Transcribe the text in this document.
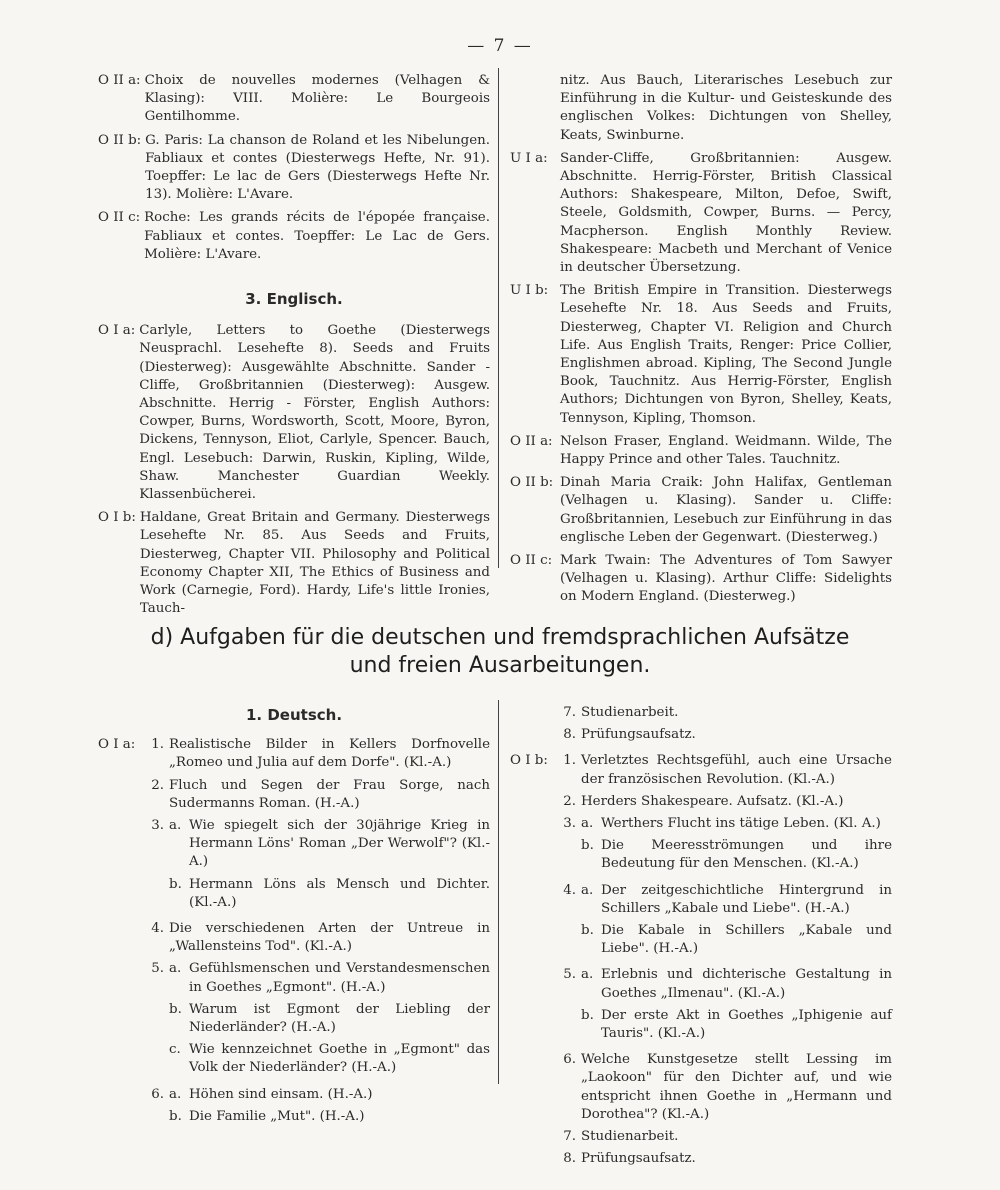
— 7 —
O II a: Choix de nouvelles modernes (Velhagen & Klasing): VIII. Molière: Le Bourgeois Gentilhomme.
O II b: G. Paris: La chanson de Roland et les Nibelungen. Fabliaux et contes (Diesterwegs Hefte, Nr. 91). Toepffer: Le lac de Gers (Diesterwegs Hefte Nr. 13). Molière: L'Avare.
O II c: Roche: Les grands récits de l'épopée française. Fabliaux et contes. Toepffer: Le Lac de Gers. Molière: L'Avare.
3. Englisch.
O I a: Carlyle, Letters to Goethe (Diesterwegs Neusprachl. Lesehefte 8). Seeds and Fruits (Diesterweg): Ausgewählte Abschnitte. Sander - Cliffe, Großbritannien (Diesterweg): Ausgew. Abschnitte. Herrig - Förster, English Authors: Cowper, Burns, Wordsworth, Scott, Moore, Byron, Dickens, Tennyson, Eliot, Carlyle, Spencer. Bauch, Engl. Lesebuch: Darwin, Ruskin, Kipling, Wilde, Shaw. Manchester Guardian Weekly. Klassenbücherei.
O I b: Haldane, Great Britain and Germany. Diesterwegs Lesehefte Nr. 85. Aus Seeds and Fruits, Diesterweg, Chapter VII. Philosophy and Political Economy Chapter XII, The Ethics of Business and Work (Carnegie, Ford). Hardy, Life's little Ironies, Tauch-
nitz. Aus Bauch, Literarisches Lesebuch zur Einführung in die Kultur- und Geisteskunde des englischen Volkes: Dichtungen von Shelley, Keats, Swinburne.
U I a: Sander-Cliffe, Großbritannien: Ausgew. Abschnitte. Herrig-Förster, British Classical Authors: Shakespeare, Milton, Defoe, Swift, Steele, Goldsmith, Cowper, Burns. — Percy, Macpherson. English Monthly Review. Shakespeare: Macbeth und Merchant of Venice in deutscher Übersetzung.
U I b: The British Empire in Transition. Diesterwegs Lesehefte Nr. 18. Aus Seeds and Fruits, Diesterweg, Chapter VI. Religion and Church Life. Aus English Traits, Renger: Price Collier, Englishmen abroad. Kipling, The Second Jungle Book, Tauchnitz. Aus Herrig-Förster, English Authors; Dichtungen von Byron, Shelley, Keats, Tennyson, Kipling, Thomson.
O II a: Nelson Fraser, England. Weidmann. Wilde, The Happy Prince and other Tales. Tauchnitz.
O II b: Dinah Maria Craik: John Halifax, Gentleman (Velhagen u. Klasing). Sander u. Cliffe: Großbritannien, Lesebuch zur Einführung in das englische Leben der Gegenwart. (Diesterweg.)
O II c: Mark Twain: The Adventures of Tom Sawyer (Velhagen u. Klasing). Arthur Cliffe: Sidelights on Modern England. (Diesterweg.)
d) Aufgaben für die deutschen und fremdsprachlichen Aufsätze
und freien Ausarbeitungen.
1. Deutsch.
O I a:	1. Realistische Bilder in Kellers Dorfnovelle „Romeo und Julia auf dem Dorfe". (Kl.-A.)
2. Fluch und Segen der Frau Sorge, nach Sudermanns Roman. (H.-A.)
3. a. Wie spiegelt sich der 30jährige Krieg in Hermann Löns' Roman „Der Werwolf"? (Kl.-A.)
b. Hermann Löns als Mensch und Dichter. (Kl.-A.)
4. Die verschiedenen Arten der Untreue in „Wallensteins Tod". (Kl.-A.)
5. a. Gefühlsmenschen und Verstandesmenschen in Goethes „Egmont". (H.-A.)
b. Warum ist Egmont der Liebling der Niederländer? (H.-A.)
c. Wie kennzeichnet Goethe in „Egmont" das Volk der Niederländer? (H.-A.)
6. a. Höhen sind einsam. (H.-A.)
b. Die Familie „Mut". (H.-A.)
7. Studienarbeit.
8. Prüfungsaufsatz.
O I b:	1. Verletztes Rechtsgefühl, auch eine Ursache der französischen Revolution. (Kl.-A.)
2. Herders Shakespeare. Aufsatz. (Kl.-A.)
3. a. Werthers Flucht ins tätige Leben. (Kl. A.)
b. Die Meeresströmungen und ihre Bedeutung für den Menschen. (Kl.-A.)
4. a. Der zeitgeschichtliche Hintergrund in Schillers „Kabale und Liebe". (H.-A.)
b. Die Kabale in Schillers „Kabale und Liebe". (H.-A.)
5. a. Erlebnis und dichterische Gestaltung in Goethes „Ilmenau". (Kl.-A.)
b. Der erste Akt in Goethes „Iphigenie auf Tauris". (Kl.-A.)
6. Welche Kunstgesetze stellt Lessing im „Laokoon" für den Dichter auf, und wie entspricht ihnen Goethe in „Hermann und Dorothea"? (Kl.-A.)
7. Studienarbeit.
8. Prüfungsaufsatz.
